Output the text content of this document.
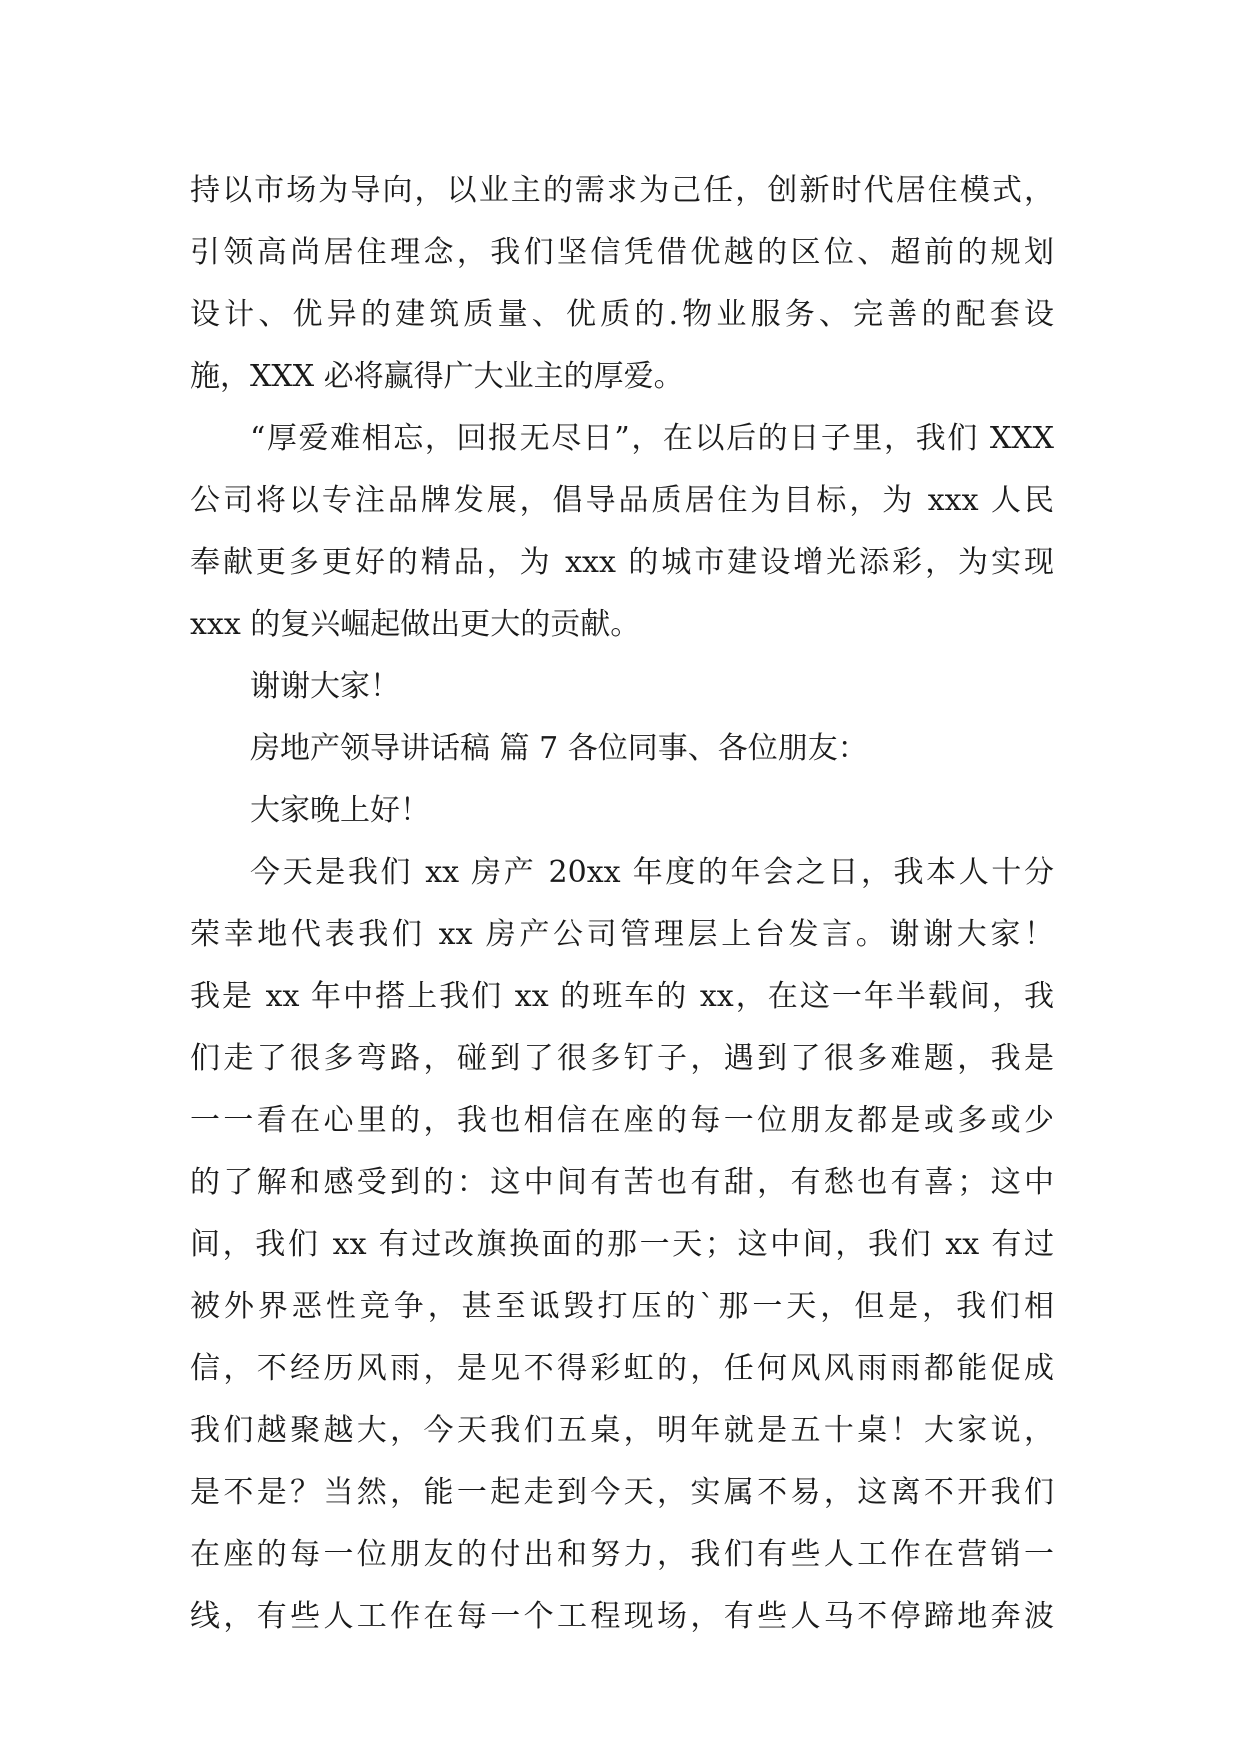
持以市场为导向，以业主的需求为己任，创新时代居住模式，
引领高尚居住理念，我们坚信凭借优越的区位、超前的规划
设计、优异的建筑质量、优质的.物业服务、完善的配套设
施，XXX 必将赢得广大业主的厚爱。
“厚爱难相忘，回报无尽日”，在以后的日子里，我们 XXX
公司将以专注品牌发展，倡导品质居住为目标，为 xxx 人民
奉献更多更好的精品，为 xxx 的城市建设增光添彩，为实现
xxx 的复兴崛起做出更大的贡献。
谢谢大家！
房地产领导讲话稿 篇 7 各位同事、各位朋友：
大家晚上好！
今天是我们 xx 房产 20xx 年度的年会之日，我本人十分
荣幸地代表我们 xx 房产公司管理层上台发言。谢谢大家！
我是 xx 年中搭上我们 xx 的班车的 xx，在这一年半载间，我
们走了很多弯路，碰到了很多钉子，遇到了很多难题，我是
一一看在心里的，我也相信在座的每一位朋友都是或多或少
的了解和感受到的：这中间有苦也有甜，有愁也有喜；这中
间，我们 xx 有过改旗换面的那一天；这中间，我们 xx 有过
被外界恶性竞争，甚至诋毁打压的`那一天，但是，我们相
信，不经历风雨，是见不得彩虹的，任何风风雨雨都能促成
我们越聚越大，今天我们五桌，明年就是五十桌！大家说，
是不是？当然，能一起走到今天，实属不易，这离不开我们
在座的每一位朋友的付出和努力，我们有些人工作在营销一
线，有些人工作在每一个工程现场，有些人马不停蹄地奔波
